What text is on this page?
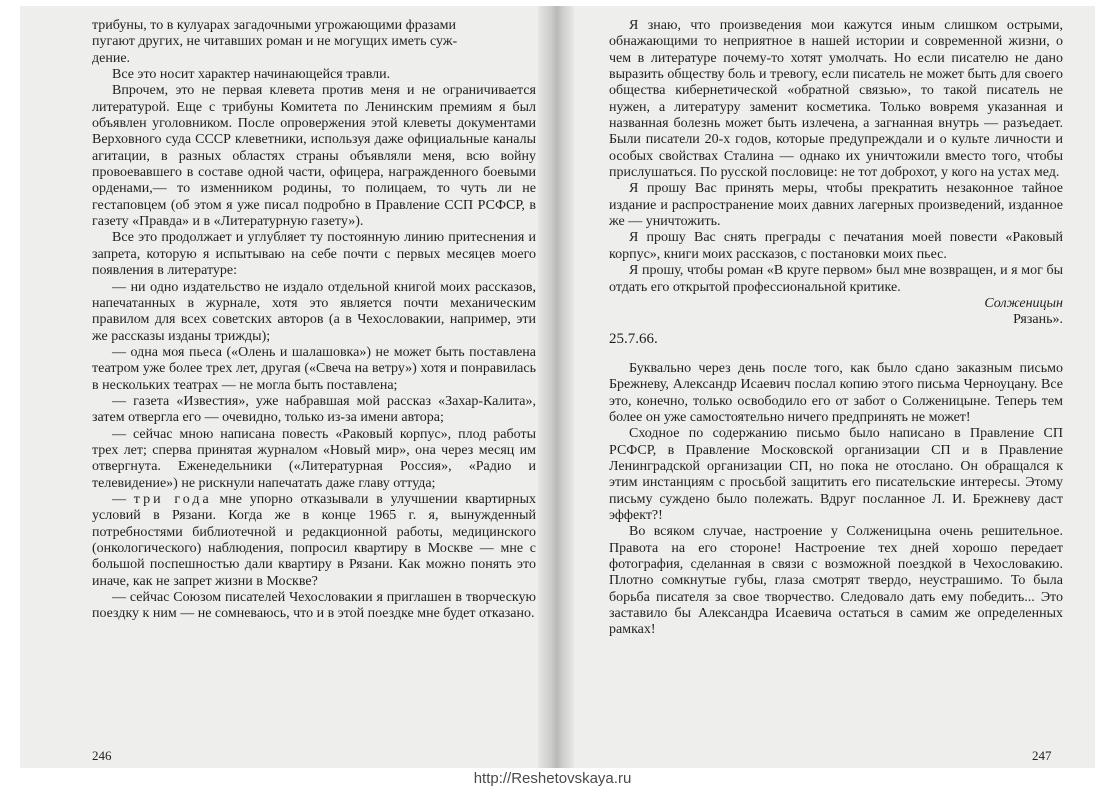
трибуны, то в кулуарах загадочными угрожающими фразами

пугают других, не читавших роман и не могущих иметь суж-

дение.

Все это носит характер начинающейся травли.

Впрочем, это не первая клевета против меня и не ограничивается литературой. Еще с трибуны Комитета по Ленинским премиям я был объявлен уголовником. После опровержения этой клеветы документами Верховного суда СССР клеветники, используя даже официальные каналы агитации, в разных областях страны объявляли меня, всю войну провоевавшего в составе одной части, офицера, награжденного боевыми орденами,— то изменником родины, то полицаем, то чуть ли не гестаповцем (об этом я уже писал подробно в Правление ССП РСФСР, в газету «Правда» и в «Литературную газету»).

Все это продолжает и углубляет ту постоянную линию притеснения и запрета, которую я испытываю на себе почти с первых месяцев моего появления в литературе:

— ни одно издательство не издало отдельной книгой моих рассказов, напечатанных в журнале, хотя это является почти механическим правилом для всех советских авторов (а в Чехословакии, например, эти же рассказы изданы трижды);

— одна моя пьеса («Олень и шалашовка») не может быть поставлена театром уже более трех лет, другая («Свеча на ветру») хотя и понравилась в нескольких театрах — не могла быть поставлена;

— газета «Известия», уже набравшая мой рассказ «Захар-Калита», затем отвергла его — очевидно, только из-за имени автора;

— сейчас мною написана повесть «Раковый корпус», плод работы трех лет; сперва принятая журналом «Новый мир», она через месяц им отвергнута. Еженедельники («Литературная Россия», «Радио и телевидение») не рискнули напечатать даже главу оттуда;

— три года мне упорно отказывали в улучшении квартирных условий в Рязани. Когда же в конце 1965 г. я, вынужденный потребностями библиотечной и редакционной работы, медицинского (онкологического) наблюдения, попросил квартиру в Москве — мне с большой поспешностью дали квартиру в Рязани. Как можно понять это иначе, как не запрет жизни в Москве?

— сейчас Союзом писателей Чехословакии я приглашен в творческую поездку к ним — не сомневаюсь, что и в этой поездке мне будет отказано.

246

Я знаю, что произведения мои кажутся иным слишком острыми, обнажающими то неприятное в нашей истории и современной жизни, о чем в литературе почему-то хотят умолчать. Но если писателю не дано выразить обществу боль и тревогу, если писатель не может быть для своего общества кибернетической «обратной связью», то такой писатель не нужен, а литературу заменит косметика. Только вовремя указанная и названная болезнь может быть излечена, а загнанная внутрь — разъедает. Были писатели 20-х годов, которые предупреждали и о культе личности и особых свойствах Сталина — однако их уничтожили вместо того, чтобы прислушаться. По русской пословице: не тот доброхот, у кого на устах мед.

Я прошу Вас принять меры, чтобы прекратить незаконное тайное издание и распространение моих давних лагерных произведений, изданное же — уничтожить.

Я прошу Вас снять преграды с печатания моей повести «Раковый корпус», книги моих рассказов, с постановки моих пьес.

Я прошу, чтобы роман «В круге первом» был мне возвращен, и я мог бы отдать его открытой профессиональной критике.

Солженицын

Рязань».

25.7.66.

Буквально через день после того, как было сдано заказным письмо Брежневу, Александр Исаевич послал копию этого письма Черноуцану. Все это, конечно, только освободило его от забот о Солженицыне. Теперь тем более он уже самостоятельно ничего предпринять не может!

Сходное по содержанию письмо было написано в Правление СП РСФСР, в Правление Московской организации СП и в Правление Ленинградской организации СП, но пока не отослано. Он обращался к этим инстанциям с просьбой защитить его писательские интересы. Этому письму суждено было полежать. Вдруг посланное Л. И. Брежневу даст эффект?!

Во всяком случае, настроение у Солженицына очень решительное. Правота на его стороне! Настроение тех дней хорошо передает фотография, сделанная в связи с возможной поездкой в Чехословакию. Плотно сомкнутые губы, глаза смотрят твердо, неустрашимо. То была борьба писателя за свое творчество. Следовало дать ему победить... Это заставило бы Александра Исаевича остаться в самим же определенных рамках!

247
http://Reshetovskaya.ru
